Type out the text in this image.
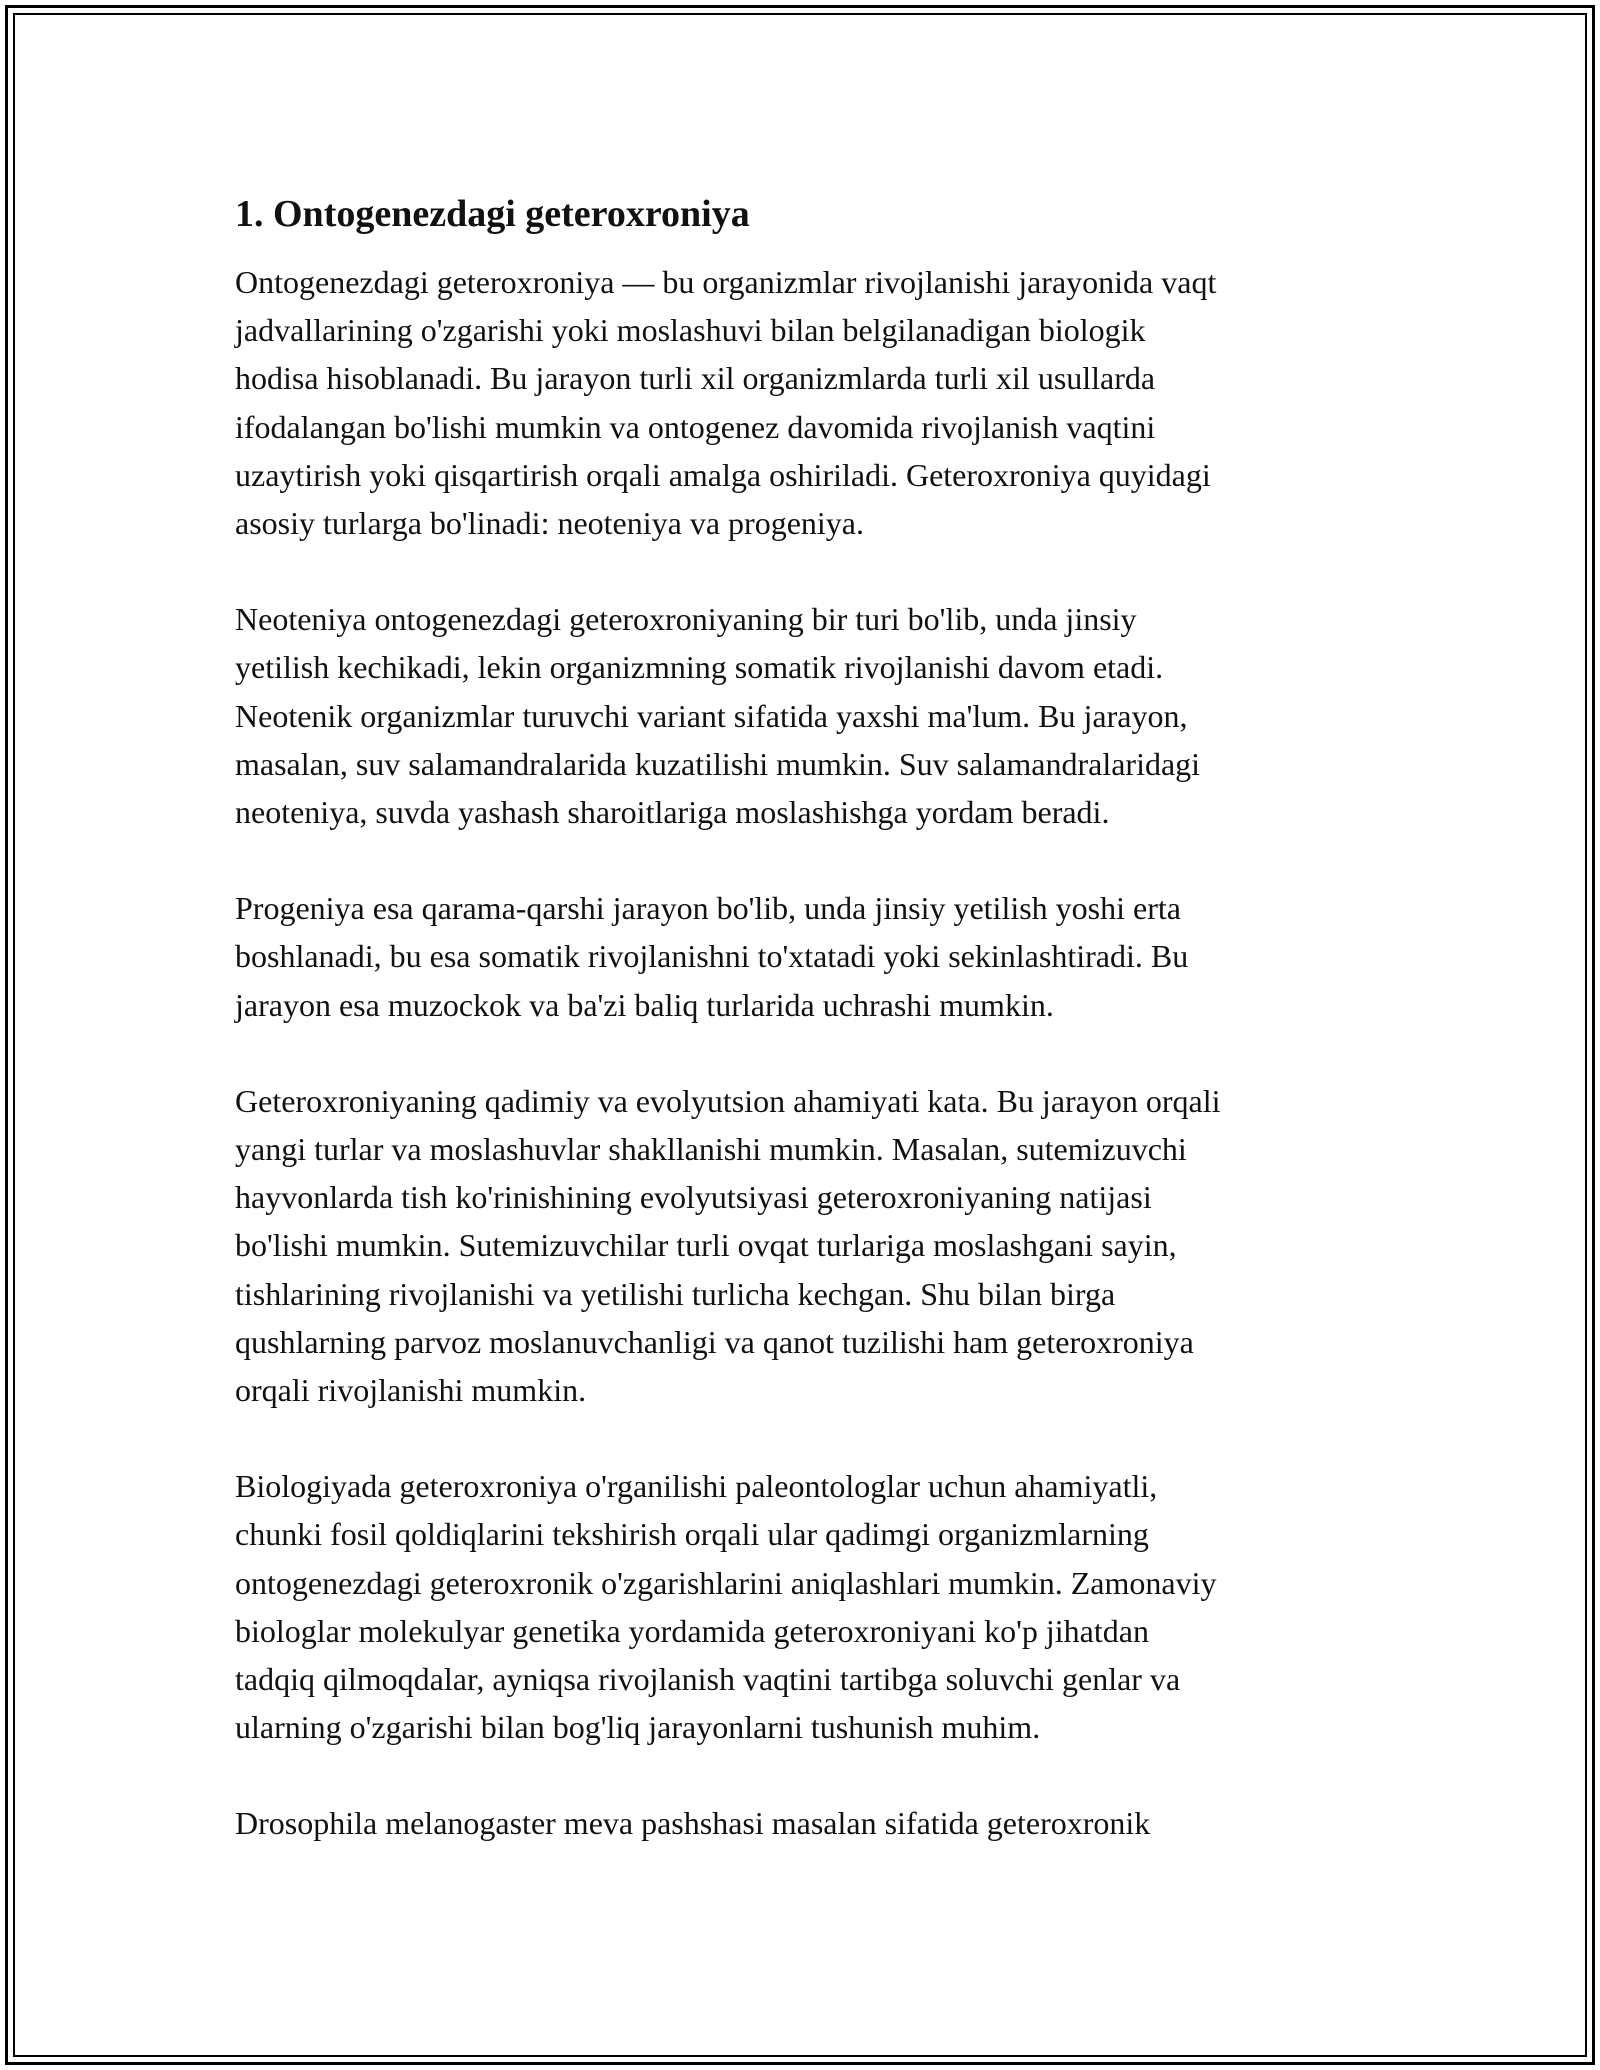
1. Ontogenezdagi geteroxroniya

Ontogenezdagi geteroxroniya — bu organizmlar rivojlanishi jarayonida vaqt
jadvallarining o'zgarishi yoki moslashuvi bilan belgilanadigan biologik
hodisa hisoblanadi. Bu jarayon turli xil organizmlarda turli xil usullarda
ifodalangan bo'lishi mumkin va ontogenez davomida rivojlanish vaqtini
uzaytirish yoki qisqartirish orqali amalga oshiriladi. Geteroxroniya quyidagi
asosiy turlarga bo'linadi: neoteniya va progeniya.

Neoteniya ontogenezdagi geteroxroniyaning bir turi bo'lib, unda jinsiy
yetilish kechikadi, lekin organizmning somatik rivojlanishi davom etadi.
Neotenik organizmlar turuvchi variant sifatida yaxshi ma'lum. Bu jarayon,
masalan, suv salamandralarida kuzatilishi mumkin. Suv salamandralaridagi
neoteniya, suvda yashash sharoitlariga moslashishga yordam beradi.

Progeniya esa qarama-qarshi jarayon bo'lib, unda jinsiy yetilish yoshi erta
boshlanadi, bu esa somatik rivojlanishni to'xtatadi yoki sekinlashtiradi. Bu
jarayon esa muzockok va ba'zi baliq turlarida uchrashi mumkin.

Geteroxroniyaning qadimiy va evolyutsion ahamiyati kata. Bu jarayon orqali
yangi turlar va moslashuvlar shakllanishi mumkin. Masalan, sutemizuvchi
hayvonlarda tish ko'rinishining evolyutsiyasi geteroxroniyaning natijasi
bo'lishi mumkin. Sutemizuvchilar turli ovqat turlariga moslashgani sayin,
tishlarining rivojlanishi va yetilishi turlicha kechgan. Shu bilan birga
qushlarning parvoz moslanuvchanligi va qanot tuzilishi ham geteroxroniya
orqali rivojlanishi mumkin.

Biologiyada geteroxroniya o'rganilishi paleontologlar uchun ahamiyatli,
chunki fosil qoldiqlarini tekshirish orqali ular qadimgi organizmlarning
ontogenezdagi geteroxronik o'zgarishlarini aniqlashlari mumkin. Zamonaviy
biologlar molekulyar genetika yordamida geteroxroniyani ko'p jihatdan
tadqiq qilmoqdalar, ayniqsa rivojlanish vaqtini tartibga soluvchi genlar va
ularning o'zgarishi bilan bog'liq jarayonlarni tushunish muhim.

Drosophila melanogaster meva pashshasi masalan sifatida geteroxronik
